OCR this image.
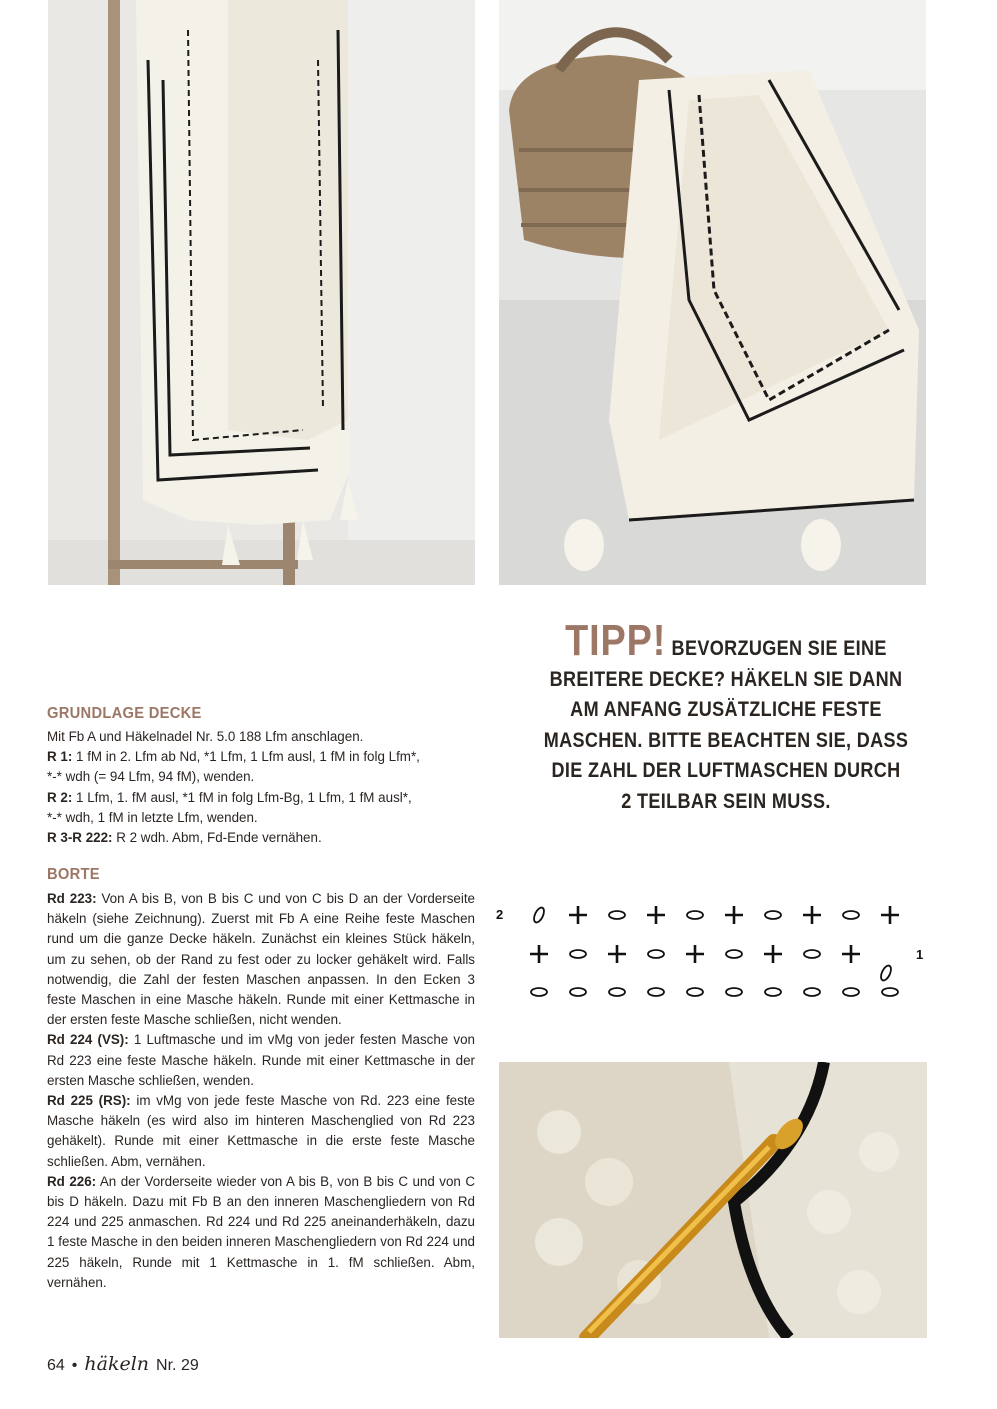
GRUNDLAGE DECKE
Mit Fb A und Häkelnadel Nr. 5.0 188 Lfm anschlagen.
R 1: 1 fM in 2. Lfm ab Nd, *1 Lfm, 1 Lfm ausl, 1 fM in folg Lfm*,
*-* wdh (= 94 Lfm, 94 fM), wenden.
R 2: 1 Lfm, 1. fM ausl, *1 fM in folg Lfm-Bg, 1 Lfm, 1 fM ausl*,
*-* wdh, 1 fM in letzte Lfm, wenden.
R 3-R 222: R 2 wdh. Abm, Fd-Ende vernähen.
BORTE
Rd 223: Von A bis B, von B bis C und von C bis D an der Vorderseite häkeln (siehe Zeichnung). Zuerst mit Fb A eine Reihe feste Maschen rund um die ganze Decke häkeln. Zunächst ein kleines Stück häkeln, um zu sehen, ob der Rand zu fest oder zu locker gehäkelt wird. Falls notwendig, die Zahl der festen Maschen anpassen. In den Ecken 3 feste Maschen in eine Masche häkeln. Runde mit einer Kettmasche in der ersten feste Masche schließen, nicht wenden.
Rd 224 (VS): 1 Luftmasche und im vMg von jeder festen Masche von Rd 223 eine feste Masche häkeln. Runde mit einer Kettmasche in der ersten Masche schließen, wenden.
Rd 225 (RS): im vMg von jede feste Masche von Rd. 223 eine feste Masche häkeln (es wird also im hinteren Maschenglied von Rd 223 gehäkelt). Runde mit einer Kettmasche in die erste feste Masche schließen. Abm, vernähen.
Rd 226: An der Vorderseite wieder von A bis B, von B bis C und von C bis D häkeln. Dazu mit Fb B an den inneren Maschengliedern von Rd 224 und 225 anmaschen. Rd 224 und Rd 225 aneinanderhäkeln, dazu 1 feste Masche in den beiden inneren Maschengliedern von Rd 224 und 225 häkeln, Runde mit 1 Kettmasche in 1. fM schließen. Abm, vernähen.
TIPP! BEVORZUGEN SIE EINE
BREITERE DECKE? HÄKELN SIE DANN
AM ANFANG ZUSÄTZLICHE FESTE
MASCHEN. BITTE BEACHTEN SIE, DASS
DIE ZAHL DER LUFTMASCHEN DURCH
2 TEILBAR SEIN MUSS.
2
1
64 • häkeln Nr. 29
